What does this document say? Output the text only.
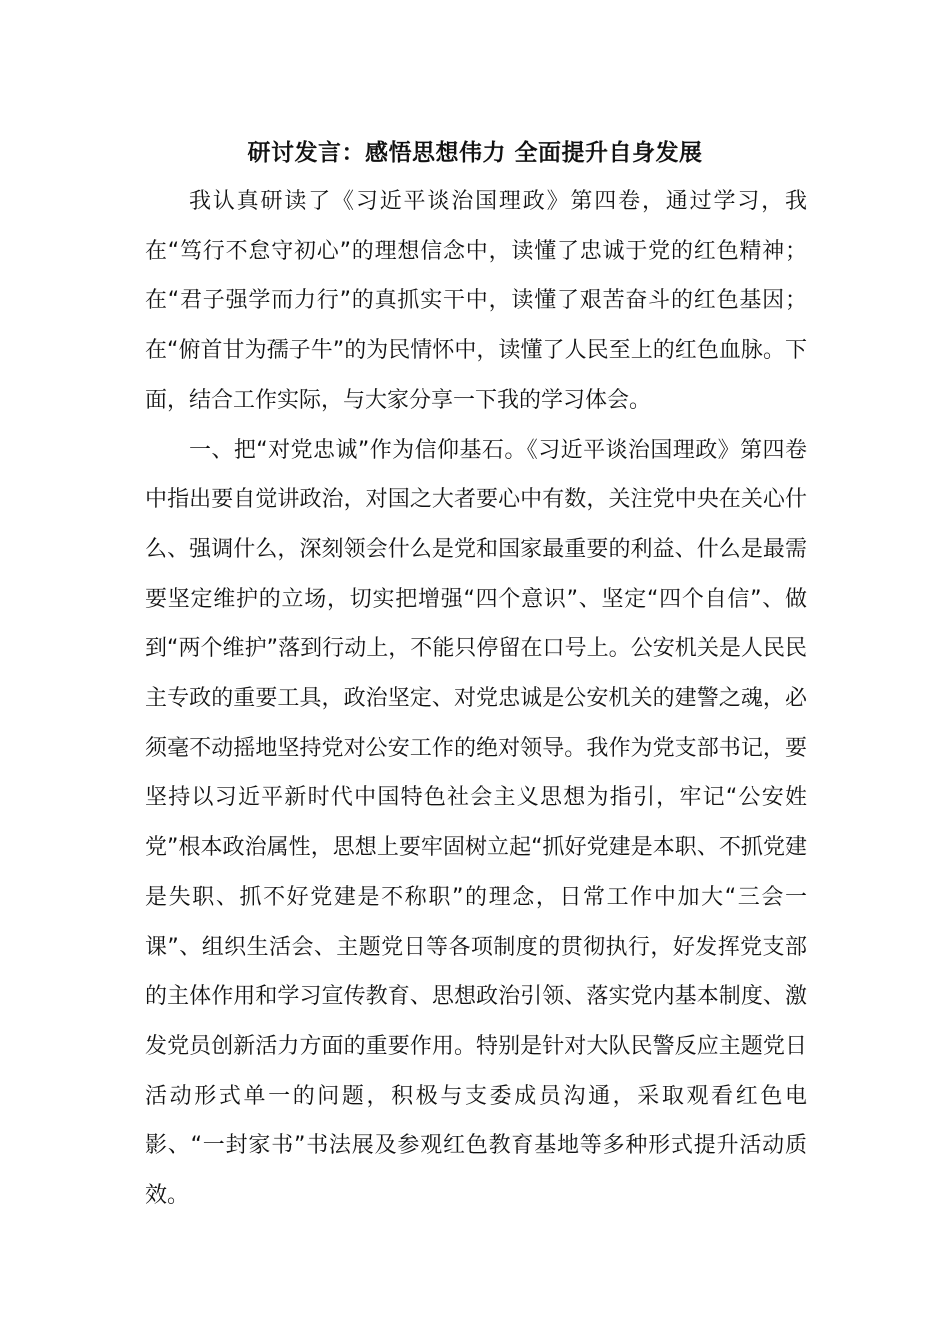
研讨发言：感悟思想伟力 全面提升自身发展

我认真研读了《习近平谈治国理政》第四卷，通过学习，我在“笃行不怠守初心”的理想信念中，读懂了忠诚于党的红色精神；在“君子强学而力行”的真抓实干中，读懂了艰苦奋斗的红色基因；在“俯首甘为孺子牛”的为民情怀中，读懂了人民至上的红色血脉。下面，结合工作实际，与大家分享一下我的学习体会。

一、把“对党忠诚”作为信仰基石。《习近平谈治国理政》第四卷中指出要自觉讲政治，对国之大者要心中有数，关注党中央在关心什么、强调什么，深刻领会什么是党和国家最重要的利益、什么是最需要坚定维护的立场，切实把增强“四个意识”、坚定“四个自信”、做到“两个维护”落到行动上，不能只停留在口号上。公安机关是人民民主专政的重要工具，政治坚定、对党忠诚是公安机关的建警之魂，必须毫不动摇地坚持党对公安工作的绝对领导。我作为党支部书记，要坚持以习近平新时代中国特色社会主义思想为指引，牢记“公安姓党”根本政治属性，思想上要牢固树立起“抓好党建是本职、不抓党建是失职、抓不好党建是不称职”的理念，日常工作中加大“三会一课”、组织生活会、主题党日等各项制度的贯彻执行，好发挥党支部的主体作用和学习宣传教育、思想政治引领、落实党内基本制度、激发党员创新活力方面的重要作用。特别是针对大队民警反应主题党日活动形式单一的问题，积极与支委成员沟通，采取观看红色电影、“一封家书”书法展及参观红色教育基地等多种形式提升活动质效。
